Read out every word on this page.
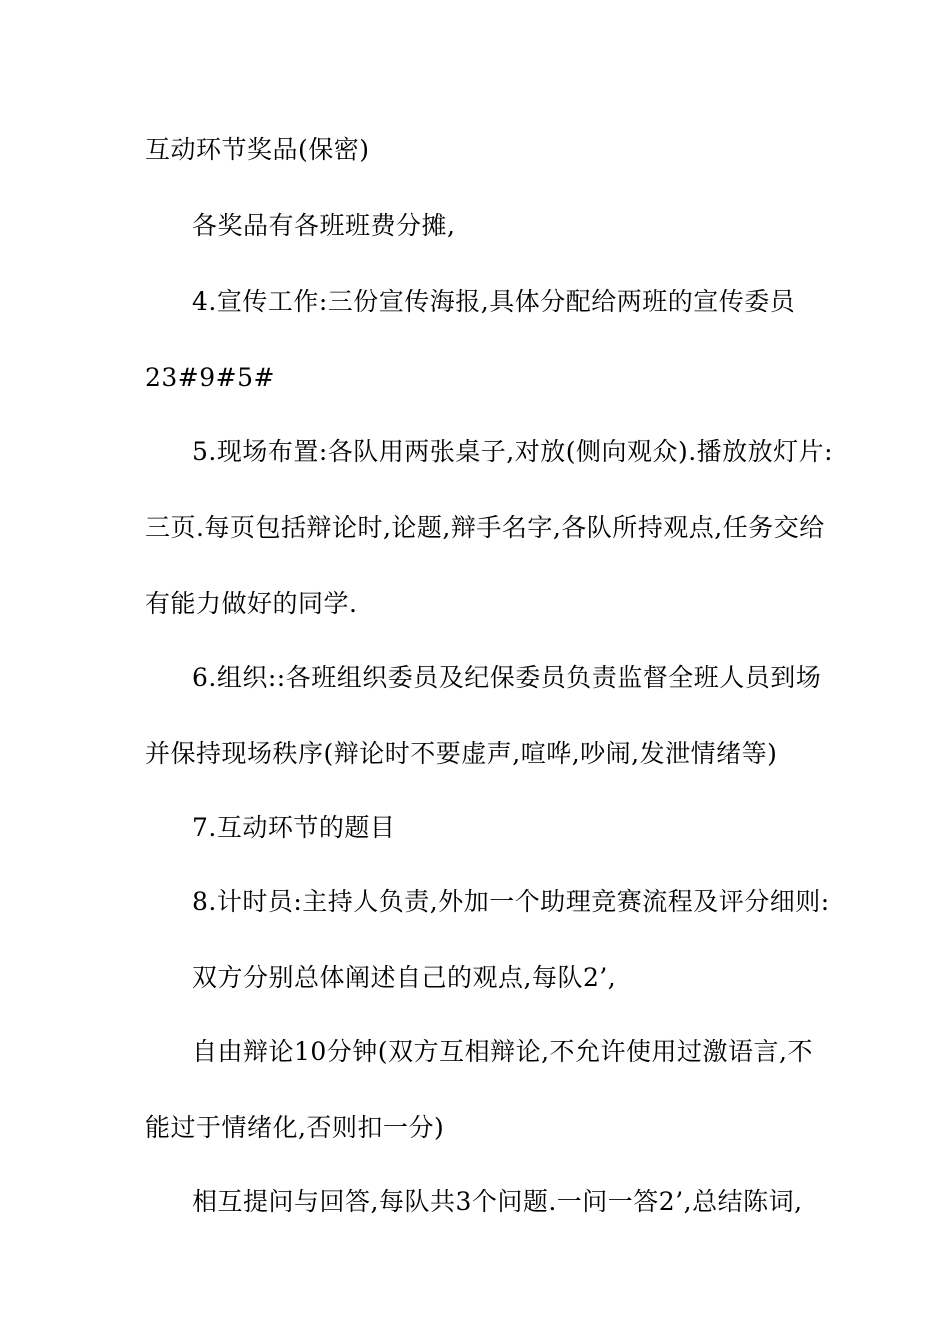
互动环节奖品(保密)
各奖品有各班班费分摊,
4.宣传工作:三份宣传海报,具体分配给两班的宣传委员
23#9#5#
5.现场布置:各队用两张桌子,对放(侧向观众).播放放灯片:
三页.每页包括辩论时,论题,辩手名字,各队所持观点,任务交给
有能力做好的同学.
6.组织::各班组织委员及纪保委员负责监督全班人员到场
并保持现场秩序(辩论时不要虚声,喧哗,吵闹,发泄情绪等)
7.互动环节的题目
8.计时员:主持人负责,外加一个助理竞赛流程及评分细则:
双方分别总体阐述自己的观点,每队2’,
自由辩论10分钟(双方互相辩论,不允许使用过激语言,不
能过于情绪化,否则扣一分)
相互提问与回答,每队共3个问题.一问一答2’,总结陈词,
